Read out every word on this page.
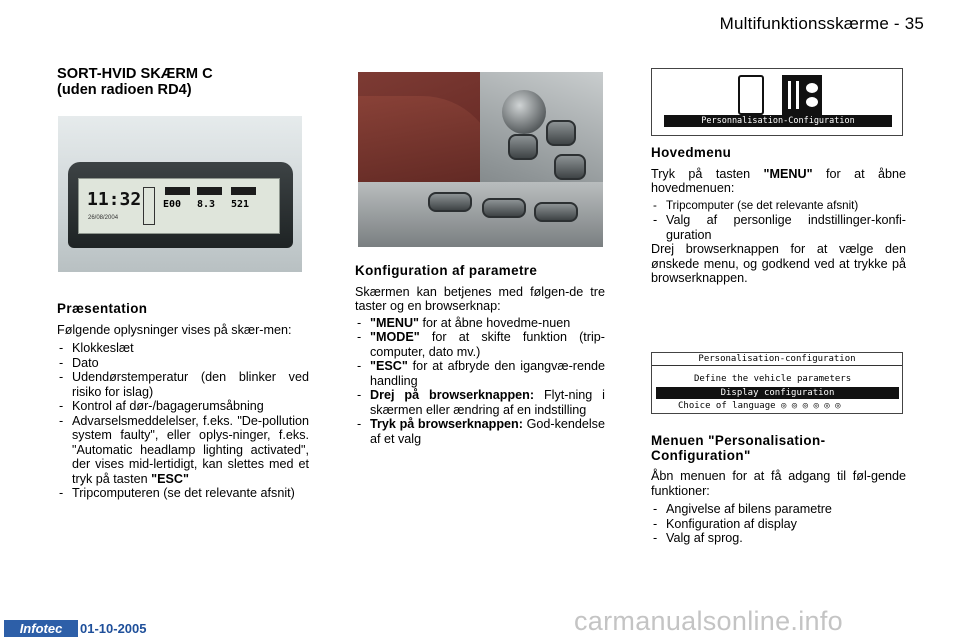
Multifunktionsskærme - 35
SORT-HVID SKÆRM C
(uden radioen RD4)
11:32
26/08/2004
E00 8.3 521
Præsentation
Følgende oplysninger vises på skær-men:
- Klokkeslæt
- Dato
- Udendørstemperatur (den blinker ved risiko for islag)
- Kontrol af dør-/bagagerumsåbning
- Advarselsmeddelelser, f.eks. "De-pollution system faulty", eller oplys-ninger, f.eks. "Automatic headlamp lighting activated", der vises mid-lertidigt, kan slettes med et tryk på tasten "ESC"
- Tripcomputeren (se det relevante afsnit)
Konfiguration af parametre
Skærmen kan betjenes med følgen-de tre taster og en browserknap:
- "MENU" for at åbne hovedme-nuen
- "MODE" for at skifte funktion (trip-computer, dato mv.)
- "ESC" for at afbryde den igangvæ-rende handling
- Drej på browserknappen: Flyt-ning i skærmen eller ændring af en indstilling
- Tryk på browserknappen: God-kendelse af et valg
Personnalisation-Configuration
Hovedmenu
Tryk på tasten "MENU" for at åbne hovedmenuen:
- Tripcomputer (se det relevante afsnit)
- Valg af personlige indstillinger-konfi-guration
Drej browserknappen for at vælge den ønskede menu, og godkend ved at trykke på browserknappen.
Personalisation-configuration
Define the vehicle parameters
Display configuration
Choice of language ◎ ◎ ◎ ◎ ◎ ◎
Menuen "Personalisation-
Configuration"
Åbn menuen for at få adgang til føl-gende funktioner:
- Angivelse af bilens parametre
- Konfiguration af display
- Valg af sprog.
Infotec	01-10-2005	carmanualsonline.info
